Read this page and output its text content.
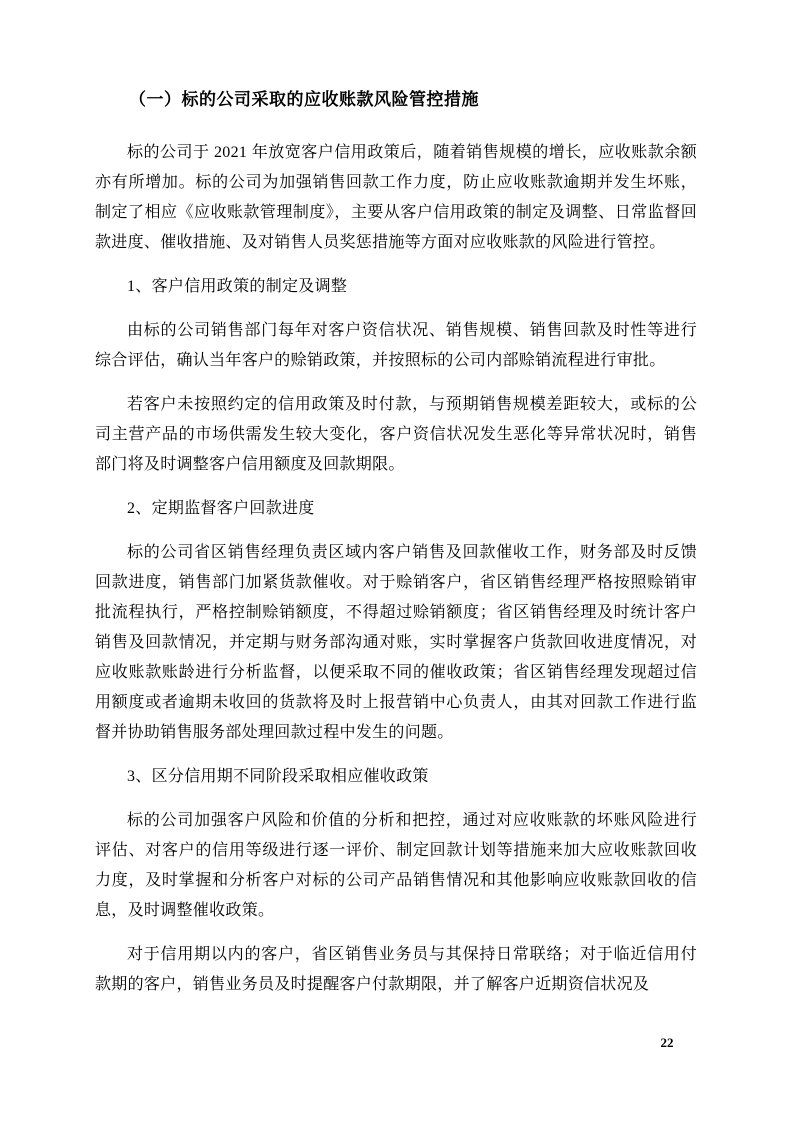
（一）标的公司采取的应收账款风险管控措施

标的公司于 2021 年放宽客户信用政策后，随着销售规模的增长，应收账款余额亦有所增加。标的公司为加强销售回款工作力度，防止应收账款逾期并发生坏账，制定了相应《应收账款管理制度》，主要从客户信用政策的制定及调整、日常监督回款进度、催收措施、及对销售人员奖惩措施等方面对应收账款的风险进行管控。

1、客户信用政策的制定及调整

由标的公司销售部门每年对客户资信状况、销售规模、销售回款及时性等进行综合评估，确认当年客户的赊销政策，并按照标的公司内部赊销流程进行审批。

若客户未按照约定的信用政策及时付款，与预期销售规模差距较大，或标的公司主营产品的市场供需发生较大变化，客户资信状况发生恶化等异常状况时，销售部门将及时调整客户信用额度及回款期限。

2、定期监督客户回款进度

标的公司省区销售经理负责区域内客户销售及回款催收工作，财务部及时反馈回款进度，销售部门加紧货款催收。对于赊销客户，省区销售经理严格按照赊销审批流程执行，严格控制赊销额度，不得超过赊销额度；省区销售经理及时统计客户销售及回款情况，并定期与财务部沟通对账，实时掌握客户货款回收进度情况，对应收账款账龄进行分析监督，以便采取不同的催收政策；省区销售经理发现超过信用额度或者逾期未收回的货款将及时上报营销中心负责人，由其对回款工作进行监督并协助销售服务部处理回款过程中发生的问题。

3、区分信用期不同阶段采取相应催收政策

标的公司加强客户风险和价值的分析和把控，通过对应收账款的坏账风险进行评估、对客户的信用等级进行逐一评价、制定回款计划等措施来加大应收账款回收力度，及时掌握和分析客户对标的公司产品销售情况和其他影响应收账款回收的信息，及时调整催收政策。

对于信用期以内的客户，省区销售业务员与其保持日常联络；对于临近信用付款期的客户，销售业务员及时提醒客户付款期限，并了解客户近期资信状况及

22
